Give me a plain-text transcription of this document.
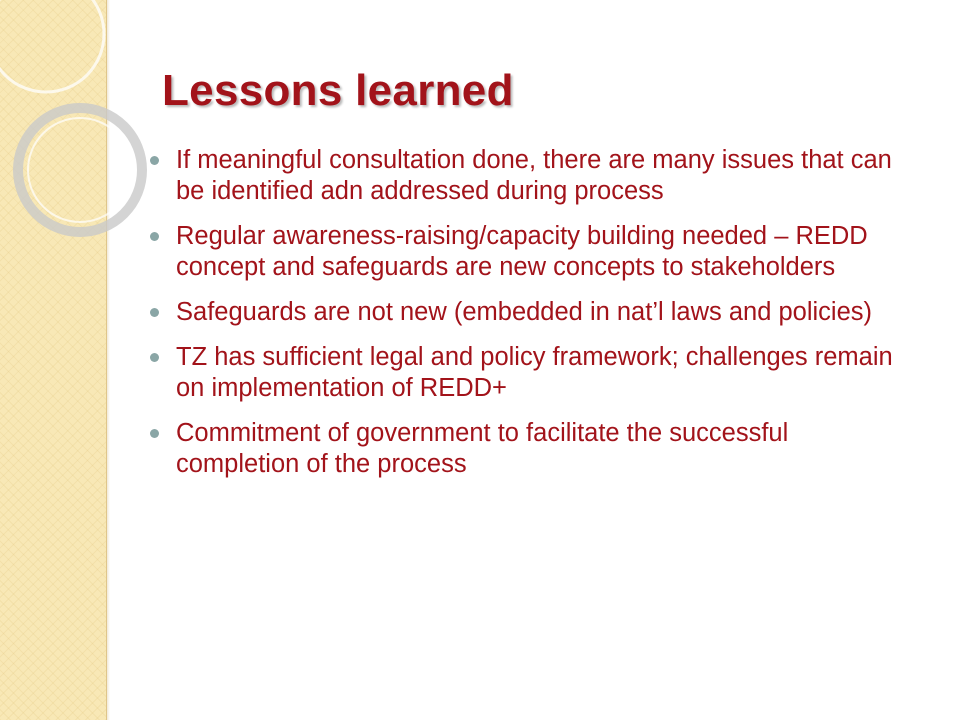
Lessons learned
If meaningful consultation done, there are many issues that can be identified adn addressed during process
Regular awareness-raising/capacity building needed – REDD concept and safeguards are new concepts to stakeholders
Safeguards are not new (embedded in nat’l laws and policies)
TZ has sufficient legal and policy framework; challenges remain on implementation of REDD+
Commitment of government to facilitate the successful completion of the process
